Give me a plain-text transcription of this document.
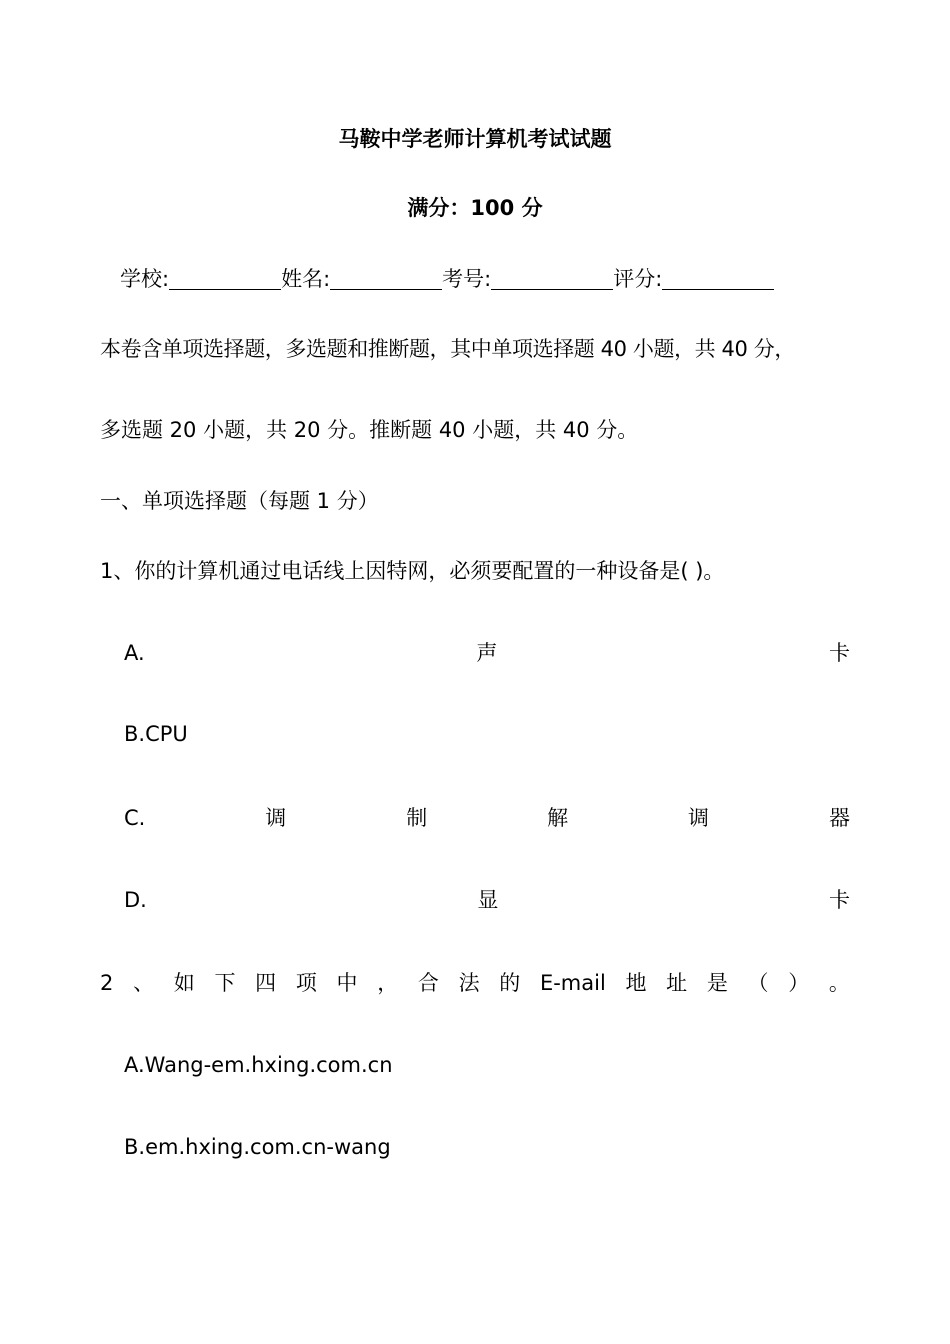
马鞍中学老师计算机考试试题
满分：100 分
学校:	姓名:	考号:	评分:
本卷含单项选择题，多选题和推断题，其中单项选择题 40 小题，共 40 分，
多选题 20 小题，共 20 分。推断题 40 小题，共 40 分。
一、单项选择题（每题 1 分）
1、你的计算机通过电话线上因特网，必须要配置的一种设备是( )。
A.	声	卡
B.CPU
C.	调	制	解	调	器
D.	显	卡
2 、 如 下 四 项 中 ， 合 法 的 E-mail 地 址 是 （ ） 。
A.Wang-em.hxing.com.cn
B.em.hxing.com.cn-wang
